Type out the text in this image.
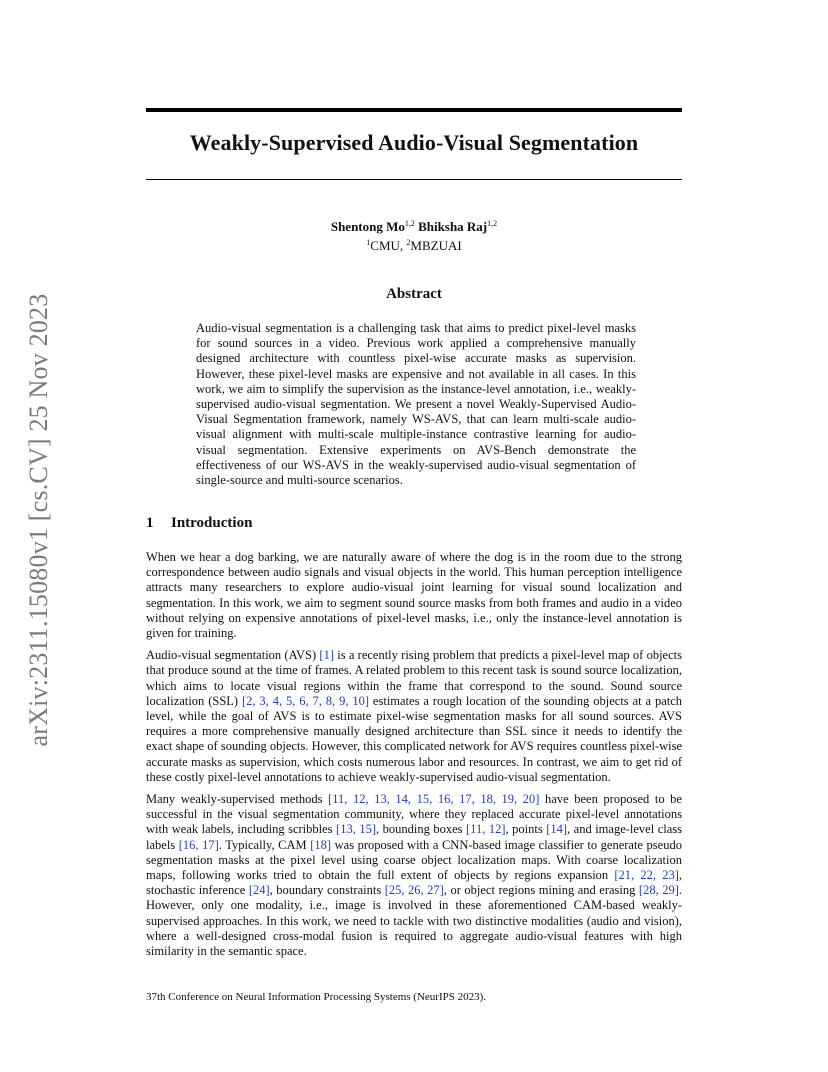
arXiv:2311.15080v1 [cs.CV] 25 Nov 2023
Weakly-Supervised Audio-Visual Segmentation
Shentong Mo$^{1,2}$ Bhiksha Raj$^{1,2}$
$^1$CMU, $^2$MBZUAI
Abstract
Audio-visual segmentation is a challenging task that aims to predict pixel-level masks for sound sources in a video. Previous work applied a comprehensive manually designed architecture with countless pixel-wise accurate masks as supervision. However, these pixel-level masks are expensive and not available in all cases. In this work, we aim to simplify the supervision as the instance-level annotation, i.e., weakly-supervised audio-visual segmentation. We present a novel Weakly-Supervised Audio-Visual Segmentation framework, namely WS-AVS, that can learn multi-scale audio-visual alignment with multi-scale multiple-instance contrastive learning for audio-visual segmentation. Extensive experiments on AVS-Bench demonstrate the effectiveness of our WS-AVS in the weakly-supervised audio-visual segmentation of single-source and multi-source scenarios.
1 Introduction

When we hear a dog barking, we are naturally aware of where the dog is in the room due to the strong correspondence between audio signals and visual objects in the world. This human perception intelligence attracts many researchers to explore audio-visual joint learning for visual sound localization and segmentation. In this work, we aim to segment sound source masks from both frames and audio in a video without relying on expensive annotations of pixel-level masks, i.e., only the instance-level annotation is given for training.

Audio-visual segmentation (AVS) [1] is a recently rising problem that predicts a pixel-level map of objects that produce sound at the time of frames. A related problem to this recent task is sound source localization, which aims to locate visual regions within the frame that correspond to the sound. Sound source localization (SSL) [2, 3, 4, 5, 6, 7, 8, 9, 10] estimates a rough location of the sounding objects at a patch level, while the goal of AVS is to estimate pixel-wise segmentation masks for all sound sources. AVS requires a more comprehensive manually designed architecture than SSL since it needs to identify the exact shape of sounding objects. However, this complicated network for AVS requires countless pixel-wise accurate masks as supervision, which costs numerous labor and resources. In contrast, we aim to get rid of these costly pixel-level annotations to achieve weakly-supervised audio-visual segmentation.

Many weakly-supervised methods [11, 12, 13, 14, 15, 16, 17, 18, 19, 20] have been proposed to be successful in the visual segmentation community, where they replaced accurate pixel-level annotations with weak labels, including scribbles [13, 15], bounding boxes [11, 12], points [14], and image-level class labels [16, 17]. Typically, CAM [18] was proposed with a CNN-based image classifier to generate pseudo segmentation masks at the pixel level using coarse object localization maps. With coarse localization maps, following works tried to obtain the full extent of objects by regions expansion [21, 22, 23], stochastic inference [24], boundary constraints [25, 26, 27], or object regions mining and erasing [28, 29]. However, only one modality, i.e., image is involved in these aforementioned CAM-based weakly-supervised approaches. In this work, we need to tackle with two distinctive modalities (audio and vision), where a well-designed cross-modal fusion is required to aggregate audio-visual features with high similarity in the semantic space.

37th Conference on Neural Information Processing Systems (NeurIPS 2023).
